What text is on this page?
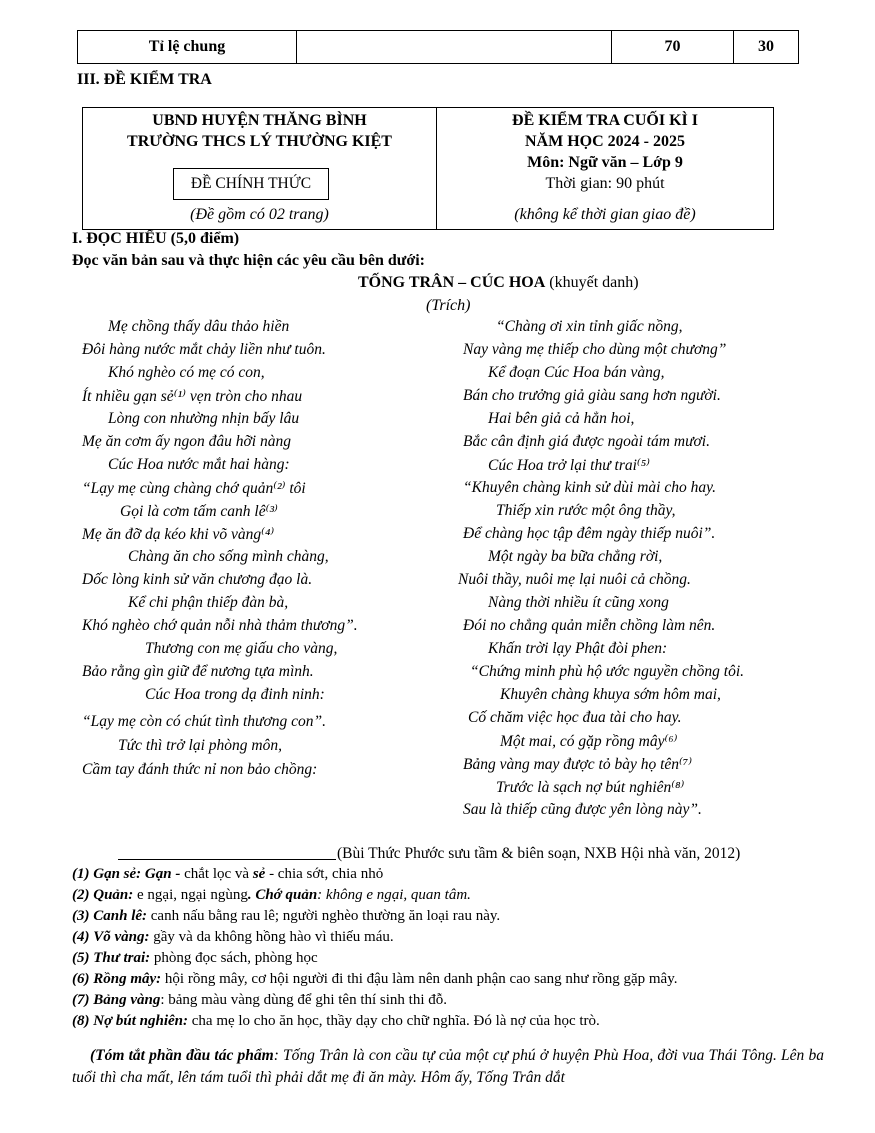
Tỉ lệ chung		70	30
III. ĐỀ KIỂM TRA
UBND HUYỆN THĂNG BÌNH
TRƯỜNG THCS LÝ THƯỜNG KIỆT
ĐỀ CHÍNH THỨC
(Đề gồm có 02 trang)
ĐỀ KIỂM TRA CUỐI KÌ I
NĂM HỌC 2024 - 2025
Môn: Ngữ văn – Lớp 9
Thời gian: 90 phút
(không kể thời gian giao đề)
I. ĐỌC HIỂU (5,0 điểm)
Đọc văn bản sau và thực hiện các yêu cầu bên dưới:
TỐNG TRÂN – CÚC HOA (khuyết danh)
(Trích)
Mẹ chồng thấy dâu thảo hiền
Đôi hàng nước mắt chảy liền như tuôn.
Khó nghèo có mẹ có con,
Ít nhiều gạn sẻ⁽¹⁾ vẹn tròn cho nhau
Lòng con nhường nhịn bấy lâu
Mẹ ăn cơm ấy ngon đâu hỡi nàng
Cúc Hoa nước mắt hai hàng:
“Lạy mẹ cùng chàng chớ quản⁽²⁾ tôi
Gọi là cơm tấm canh lê⁽³⁾
Mẹ ăn đỡ dạ kéo khi võ vàng⁽⁴⁾
Chàng ăn cho sống mình chàng,
Dốc lòng kinh sử văn chương đạo là.
Kể chi phận thiếp đàn bà,
Khó nghèo chớ quản nỗi nhà thảm thương”.
Thương con mẹ giấu cho vàng,
Bảo rằng gìn giữ để nương tựa mình.
Cúc Hoa trong dạ đinh ninh:
“Lạy mẹ còn có chút tình thương con”.
Tức thì trở lại phòng môn,
Cầm tay đánh thức nỉ non bảo chồng:
“Chàng ơi xin tỉnh giấc nồng,
Nay vàng mẹ thiếp cho dùng một chương”
Kể đoạn Cúc Hoa bán vàng,
Bán cho trưởng giả giàu sang hơn người.
Hai bên giả cả hẳn hoi,
Bắc cân định giá được ngoài tám mươi.
Cúc Hoa trở lại thư trai⁽⁵⁾
“Khuyên chàng kinh sử dùi mài cho hay.
Thiếp xin rước một ông thầy,
Để chàng học tập đêm ngày thiếp nuôi”.
Một ngày ba bữa chẳng rời,
Nuôi thầy, nuôi mẹ lại nuôi cả chồng.
Nàng thời nhiều ít cũng xong
Đói no chẳng quản miễn chồng làm nên.
Khấn trời lạy Phật đòi phen:
“Chứng minh phù hộ ước nguyền chồng tôi.
Khuyên chàng khuya sớm hôm mai,
Cố chăm việc học đua tài cho hay.
Một mai, có gặp rồng mây⁽⁶⁾
Bảng vàng may được tỏ bày họ tên⁽⁷⁾
Trước là sạch nợ bút nghiên⁽⁸⁾
Sau là thiếp cũng được yên lòng này”.
(Bùi Thức Phước sưu tầm & biên soạn, NXB Hội nhà văn, 2012)
(1) Gạn sẻ: Gạn - chắt lọc và sẻ - chia sớt, chia nhỏ
(2) Quản: e ngại, ngại ngùng. Chớ quản: không e ngại, quan tâm.
(3) Canh lê: canh nấu bằng rau lê; người nghèo thường ăn loại rau này.
(4) Võ vàng: gầy và da không hồng hào vì thiếu máu.
(5) Thư trai: phòng đọc sách, phòng học
(6) Rồng mây: hội rồng mây, cơ hội người đi thi đậu làm nên danh phận cao sang như rồng gặp mây.
(7) Bảng vàng: bảng màu vàng dùng để ghi tên thí sinh thi đỗ.
(8) Nợ bút nghiên: cha mẹ lo cho ăn học, thầy dạy cho chữ nghĩa. Đó là nợ của học trò.
(Tóm tắt phần đầu tác phẩm: Tống Trân là con cầu tự của một cự phú ở huyện Phù Hoa, đời vua Thái Tông. Lên ba tuổi thì cha mất, lên tám tuổi thì phải dắt mẹ đi ăn mày. Hôm ấy, Tống Trân dắt
